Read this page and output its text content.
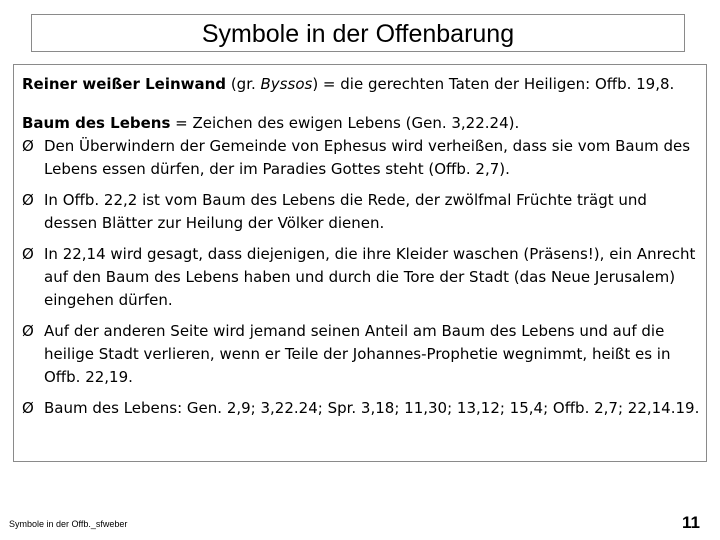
Symbole in der Offenbarung

Reiner weißer Leinwand (gr. Byssos) = die gerechten Taten der Heiligen: Offb. 19,8.

Baum des Lebens = Zeichen des ewigen Lebens (Gen. 3,22.24).

Ø Den Überwindern der Gemeinde von Ephesus wird verheißen, dass sie vom Baum des Lebens essen dürfen, der im Paradies Gottes steht (Offb. 2,7).
Ø In Offb. 22,2 ist vom Baum des Lebens die Rede, der zwölfmal Früchte trägt und dessen Blätter zur Heilung der Völker dienen.
Ø In 22,14 wird gesagt, dass diejenigen, die ihre Kleider waschen (Präsens!), ein Anrecht auf den Baum des Lebens haben und durch die Tore der Stadt (das Neue Jerusalem) eingehen dürfen.
Ø Auf der anderen Seite wird jemand seinen Anteil am Baum des Lebens und auf die heilige Stadt verlieren, wenn er Teile der Johannes-Prophetie wegnimmt, heißt es in Offb. 22,19.
Ø Baum des Lebens: Gen. 2,9; 3,22.24; Spr. 3,18; 11,30; 13,12; 15,4; Offb. 2,7; 22,14.19.
Symbole in der Offb._sfweber	11
